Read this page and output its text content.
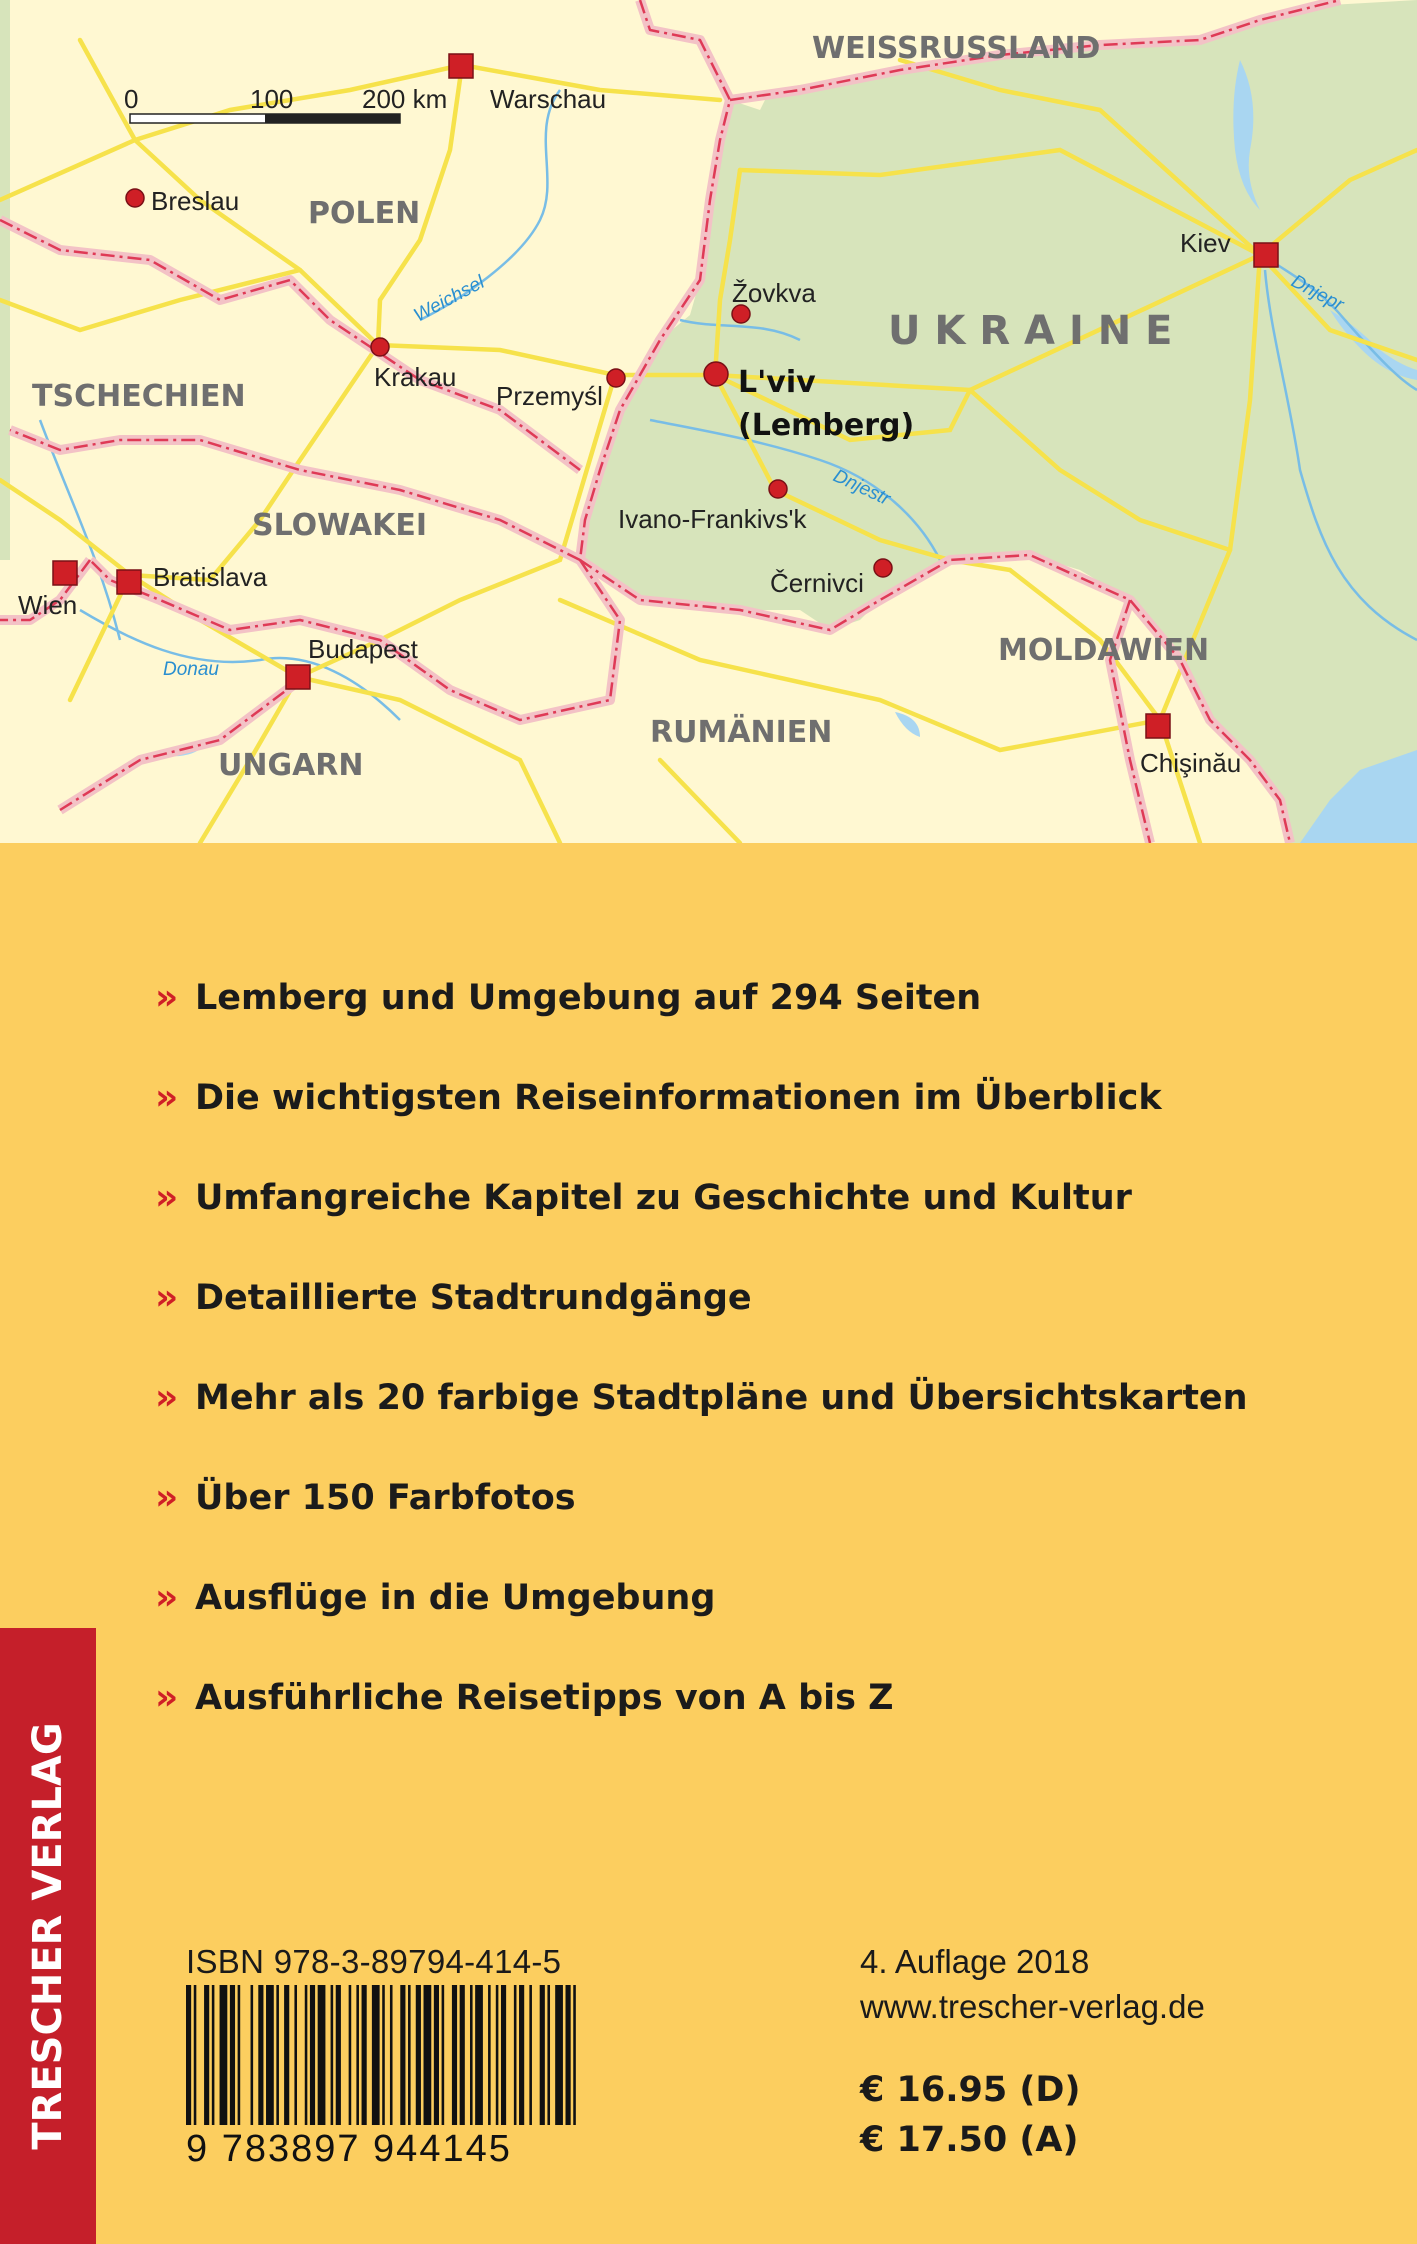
0	100	200 km
WEISSRUSSLAND
POLEN
U K R A I N E
TSCHECHIEN
SLOWAKEI
MOLDAWIEN
RUMÄNIEN
UNGARN
Weichsel	Dnjepr
Dnjestr
Donau
Warschau
Breslau
Kiev
Žovkva
Krakau
Przemyśl	L'viv
(Lemberg)
Ivano-Frankivs'k
Černivci
Wien
Bratislava
Budapest
Chişinău
» Lemberg und Umgebung auf 294 Seiten
» Die wichtigsten Reiseinformationen im Überblick
» Umfangreiche Kapitel zu Geschichte und Kultur
» Detaillierte Stadtrundgänge
» Mehr als 20 farbige Stadtpläne und Übersichtskarten
» Über 150 Farbfotos
» Ausflüge in die Umgebung
» Ausführliche Reisetipps von A bis Z
TRESCHER VERLAG	ISBN 978-3-89794-414-5
9 783897 944145
4. Auflage 2018
www.trescher-verlag.de
€ 16.95 (D)
€ 17.50 (A)
